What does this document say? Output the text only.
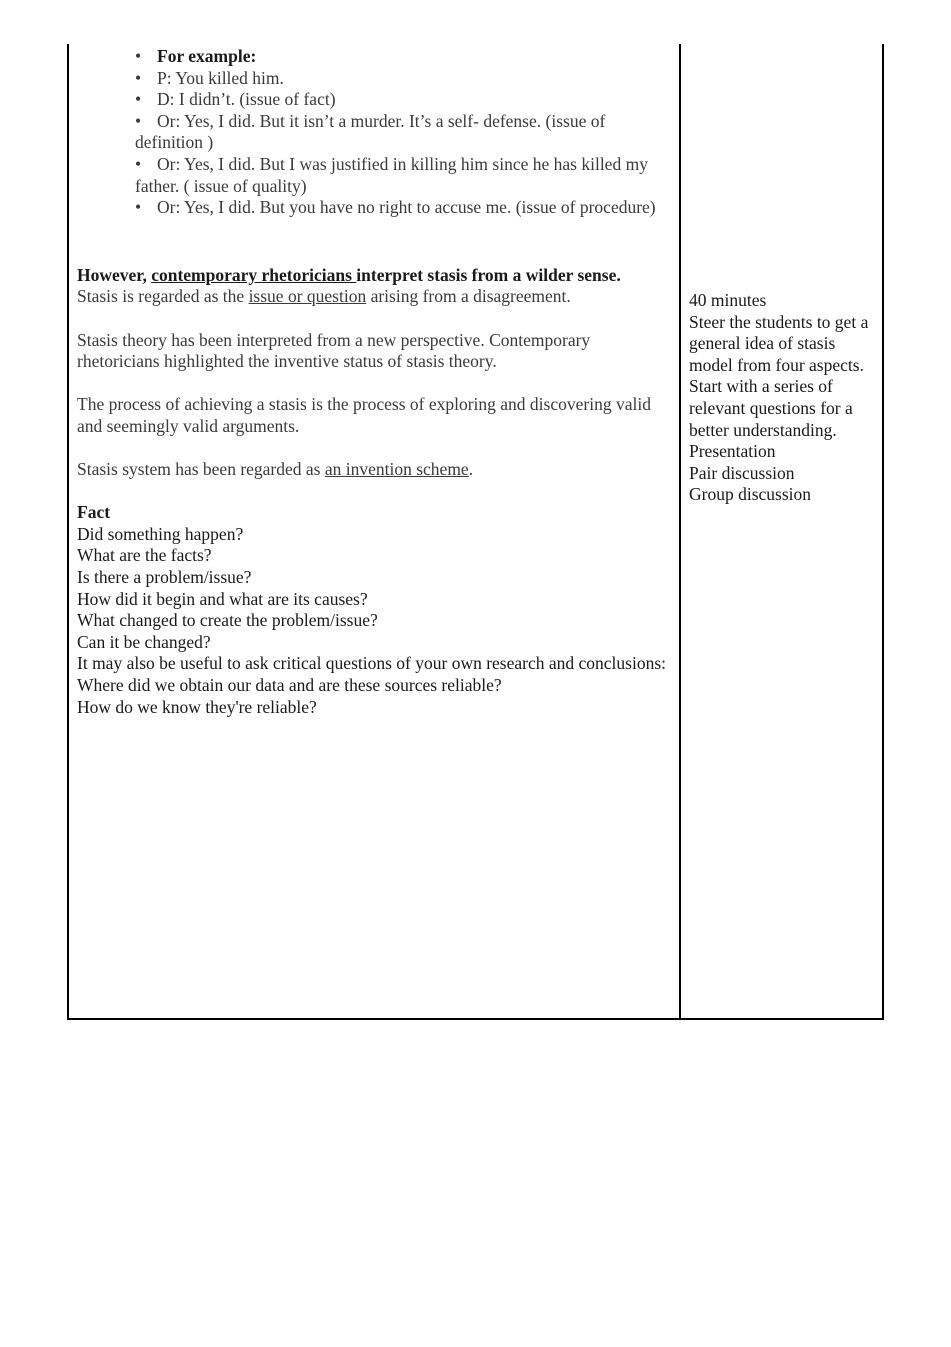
• For example:
• P: You killed him.
• D: I didn’t. (issue of fact)
• Or: Yes, I did. But it isn’t a murder. It’s a self- defense. (issue of definition )
• Or: Yes, I did. But I was justified in killing him since he has killed my father. ( issue of quality)
• Or: Yes, I did. But you have no right to accuse me. (issue of procedure)

However, contemporary rhetoricians interpret stasis from a wilder sense.

Stasis is regarded as the issue or question arising from a disagreement.

Stasis theory has been interpreted from a new perspective. Contemporary rhetoricians highlighted the inventive status of stasis theory.

The process of achieving a stasis is the process of exploring and discovering valid and seemingly valid arguments.

Stasis system has been regarded as an invention scheme.

Fact

Did something happen?

What are the facts?

Is there a problem/issue?

How did it begin and what are its causes?

What changed to create the problem/issue?

Can it be changed?

It may also be useful to ask critical questions of your own research and conclusions:

Where did we obtain our data and are these sources reliable?

How do we know they're reliable?

40 minutes

Steer the students to get a general idea of stasis model from four aspects.

Start with a series of relevant questions for a better understanding.

Presentation

Pair discussion

Group discussion
